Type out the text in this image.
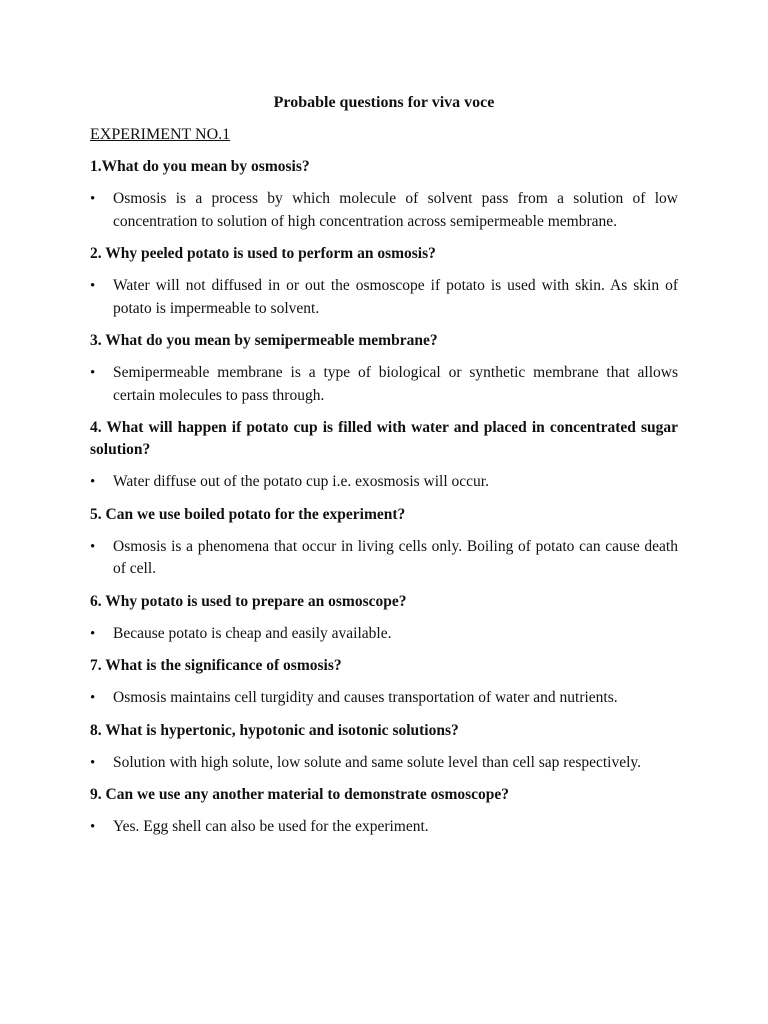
Probable questions for viva voce
EXPERIMENT NO.1
1.What do you mean by osmosis?
•	Osmosis is a process by which molecule of solvent pass from a solution of low concentration to solution of high concentration across semipermeable membrane.
2. Why peeled potato is used to perform an osmosis?
•	Water will not diffused in or out the osmoscope if potato is used with skin. As skin of potato is impermeable to solvent.
3. What do you mean by semipermeable membrane?
•	Semipermeable membrane is a type of biological or synthetic membrane that allows certain molecules to pass through.
4. What will happen if potato cup is filled with water and placed in concentrated sugar solution?
•	Water diffuse out of the potato cup i.e. exosmosis will occur.
5. Can we use boiled potato for the experiment?
•	Osmosis is a phenomena that occur in living cells only. Boiling of potato can cause death of cell.
6. Why potato is used to prepare an osmoscope?
•	Because potato is cheap and easily available.
7. What is the significance of osmosis?
•	Osmosis maintains cell turgidity and causes transportation of water and nutrients.
8. What is hypertonic, hypotonic and isotonic solutions?
•	Solution with high solute, low solute and same solute level than cell sap respectively.
9. Can we use any another material to demonstrate osmoscope?
•	Yes. Egg shell can also be used for the experiment.
